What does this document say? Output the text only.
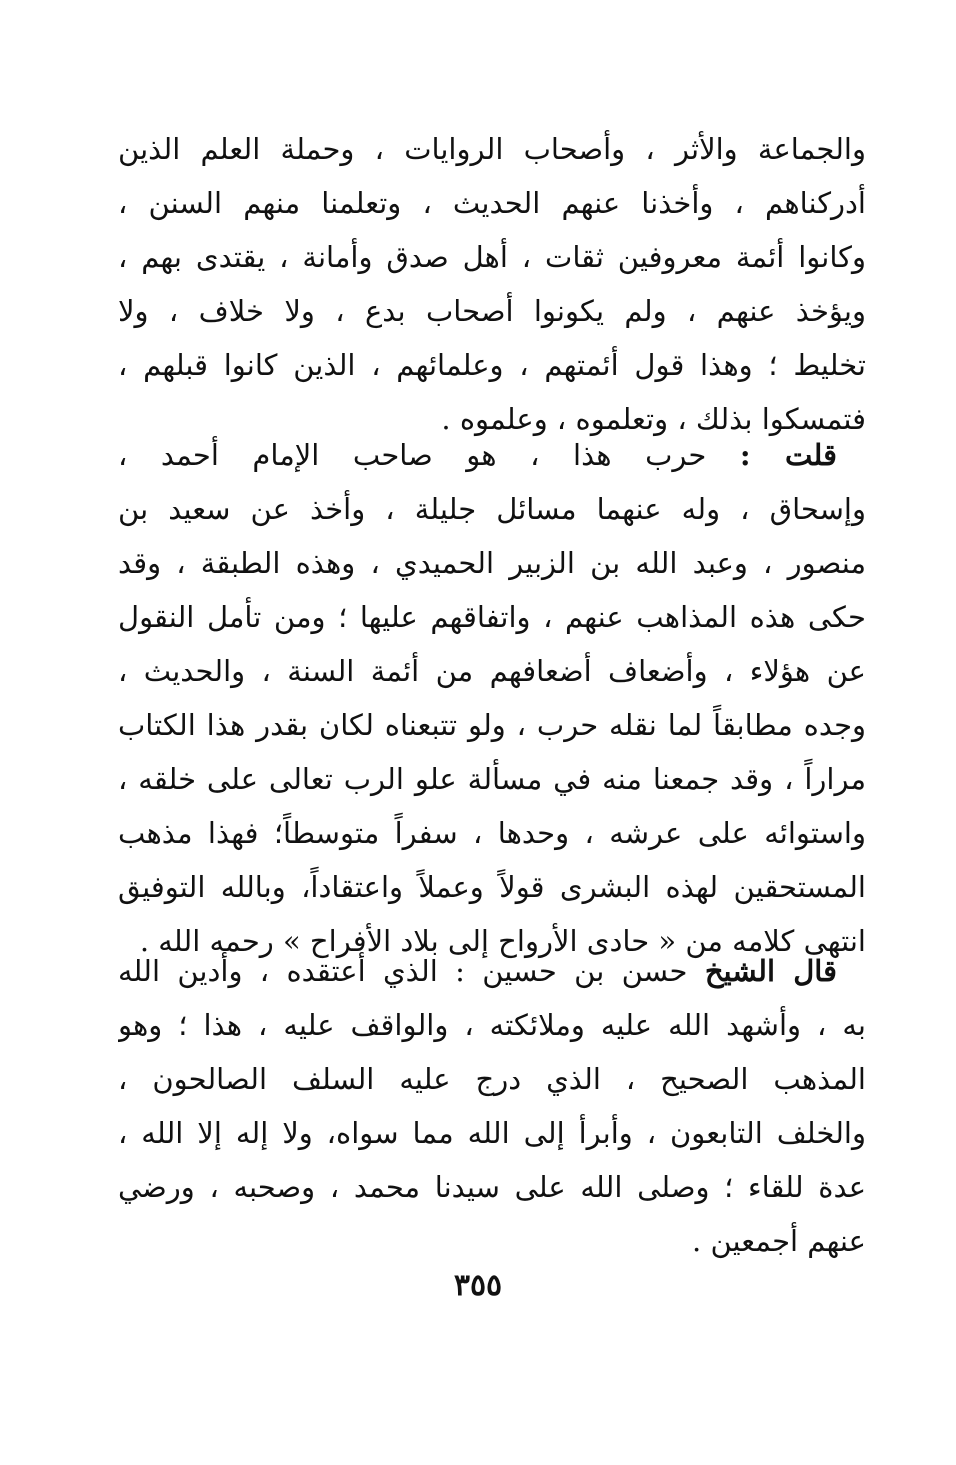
والجماعة والأثر ، وأصحاب الروايات ، وحملة العلم الذين
أدركناهم ، وأخذنا عنهم الحديث ، وتعلمنا منهم السنن ،
وكانوا أئمة معروفين ثقات ، أهل صدق وأمانة ، يقتدى بهم ،
ويؤخذ عنهم ، ولم يكونوا أصحاب بدع ، ولا خلاف ، ولا
تخليط ؛ وهذا قول أئمتهم ، وعلمائهم ، الذين كانوا قبلهم ،
فتمسكوا بذلك ، وتعلموه ، وعلموه .
 قلت : حرب هذا ، هو صاحب الإمام أحمد ،
وإسحاق ، وله عنهما مسائل جليلة ، وأخذ عن سعيد بن
منصور ، وعبد الله بن الزبير الحميدي ، وهذه الطبقة ، وقد
حكى هذه المذاهب عنهم ، واتفاقهم عليها ؛ ومن تأمل النقول
عن هؤلاء ، وأضعاف أضعافهم من أئمة السنة ، والحديث ،
وجده مطابقاً لما نقله حرب ، ولو تتبعناه لكان بقدر هذا الكتاب
مراراً ، وقد جمعنا منه في مسألة علو الرب تعالى على خلقه ،
واستوائه على عرشه ، وحدها ، سفراً متوسطاً؛ فهذا مذهب
المستحقين لهذه البشرى قولاً وعملاً واعتقاداً، وبالله التوفيق
انتهى كلامه من « حادى الأرواح إلى بلاد الأفراح » رحمه الله .
 قال الشيخ حسن بن حسين : الذي أعتقده ، وأدين الله
به ، وأشهد الله عليه وملائكته ، والواقف عليه ، هذا ؛ وهو
المذهب الصحيح ، الذي درج عليه السلف الصالحون ،
والخلف التابعون ، وأبرأ إلى الله مما سواه، ولا إله إلا الله ،
عدة للقاء ؛ وصلى الله على سيدنا محمد ، وصحبه ، ورضي
عنهم أجمعين .
٣٥٥
